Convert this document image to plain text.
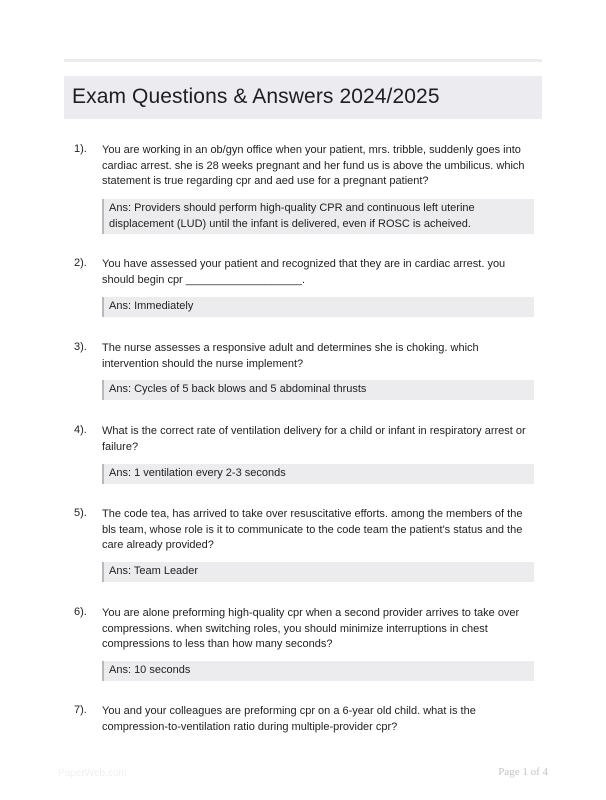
Exam Questions & Answers 2024/2025
1). You are working in an ob/gyn office when your patient, mrs. tribble, suddenly goes into cardiac arrest. she is 28 weeks pregnant and her fund us is above the umbilicus. which statement is true regarding cpr and aed use for a pregnant patient?

Ans: Providers should perform high-quality CPR and continuous left uterine displacement (LUD) until the infant is delivered, even if ROSC is acheived.
2). You have assessed your patient and recognized that they are in cardiac arrest. you should begin cpr ___________________.

Ans: Immediately
3). The nurse assesses a responsive adult and determines she is choking. which intervention should the nurse implement?

Ans: Cycles of 5 back blows and 5 abdominal thrusts
4). What is the correct rate of ventilation delivery for a child or infant in respiratory arrest or failure?

Ans: 1 ventilation every 2-3 seconds
5). The code tea, has arrived to take over resuscitative efforts. among the members of the bls team, whose role is it to communicate to the code team the patient's status and the care already provided?

Ans: Team Leader
6). You are alone preforming high-quality cpr when a second provider arrives to take over compressions. when switching roles, you should minimize interruptions in chest compressions to less than how many seconds?

Ans: 10 seconds
7). You and your colleagues are preforming cpr on a 6-year old child. what is the compression-to-ventilation ratio during multiple-provider cpr?

PaperWeb.com	Page 1 of 4
